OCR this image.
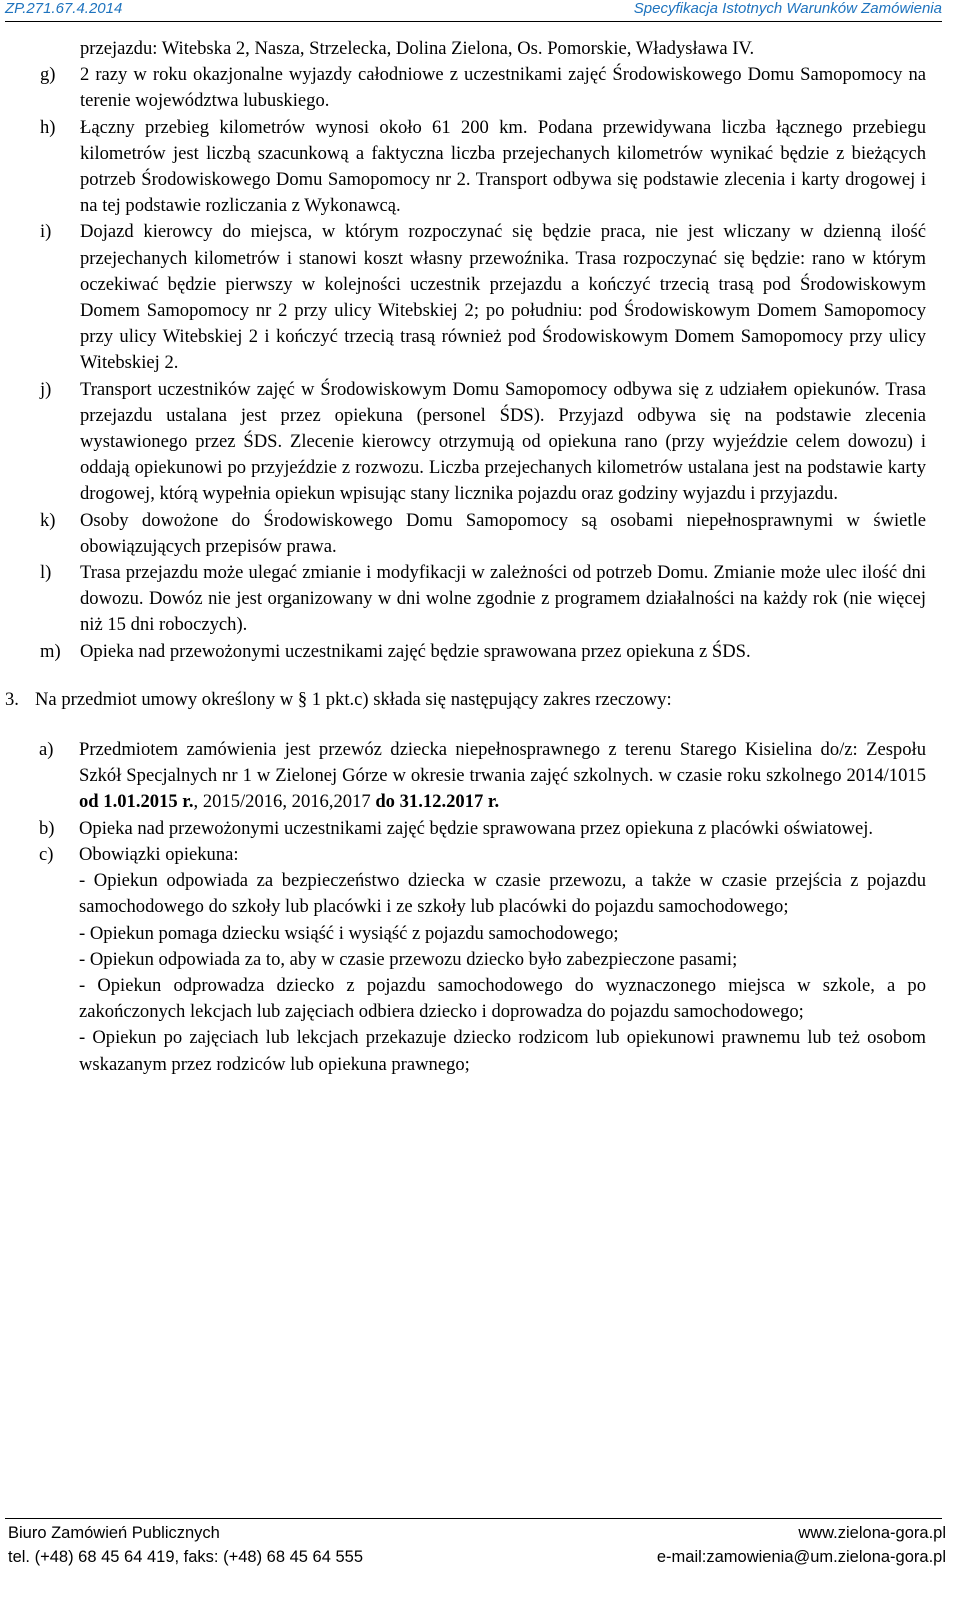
ZP.271.67.4.2014	Specyfikacja Istotnych Warunków Zamówienia
przejazdu: Witebska 2, Nasza, Strzelecka, Dolina Zielona, Os. Pomorskie, Władysława IV.
g) 2 razy w roku okazjonalne wyjazdy całodniowe z uczestnikami zajęć Środowiskowego Domu Samopomocy na terenie województwa lubuskiego.
h) Łączny przebieg kilometrów wynosi około 61 200 km. Podana przewidywana liczba łącznego przebiegu kilometrów jest liczbą szacunkową a faktyczna liczba przejechanych kilometrów wynikać będzie z bieżących potrzeb Środowiskowego Domu Samopomocy nr 2. Transport odbywa się podstawie zlecenia i karty drogowej i na tej podstawie rozliczania z Wykonawcą.
i) Dojazd kierowcy do miejsca, w którym rozpoczynać się będzie praca, nie jest wliczany w dzienną ilość przejechanych kilometrów i stanowi koszt własny przewoźnika. Trasa rozpoczynać się będzie: rano w którym oczekiwać będzie pierwszy w kolejności uczestnik przejazdu a kończyć trzecią trasą pod Środowiskowym Domem Samopomocy nr 2 przy ulicy Witebskiej 2; po południu: pod Środowiskowym Domem Samopomocy przy ulicy Witebskiej 2 i kończyć trzecią trasą również pod Środowiskowym Domem Samopomocy przy ulicy Witebskiej 2.
j) Transport uczestników zajęć w Środowiskowym Domu Samopomocy odbywa się z udziałem opiekunów. Trasa przejazdu ustalana jest przez opiekuna (personel ŚDS). Przyjazd odbywa się na podstawie zlecenia wystawionego przez ŚDS. Zlecenie kierowcy otrzymują od opiekuna rano (przy wyjeździe celem dowozu) i oddają opiekunowi po przyjeździe z rozwozu. Liczba przejechanych kilometrów ustalana jest na podstawie karty drogowej, którą wypełnia opiekun wpisując stany licznika pojazdu oraz godziny wyjazdu i przyjazdu.
k) Osoby dowożone do Środowiskowego Domu Samopomocy są osobami niepełnosprawnymi w świetle obowiązujących przepisów prawa.
l) Trasa przejazdu może ulegać zmianie i modyfikacji w zależności od potrzeb Domu. Zmianie może ulec ilość dni dowozu. Dowóz nie jest organizowany w dni wolne zgodnie z programem działalności na każdy rok (nie więcej niż 15 dni roboczych).
m) Opieka nad przewożonymi uczestnikami zajęć będzie sprawowana przez opiekuna z ŚDS.
3. Na przedmiot umowy określony w § 1 pkt.c) składa się następujący zakres rzeczowy:
a) Przedmiotem zamówienia jest przewóz dziecka niepełnosprawnego z terenu Starego Kisielina do/z: Zespołu Szkół Specjalnych nr 1 w Zielonej Górze w okresie trwania zajęć szkolnych. w czasie roku szkolnego 2014/1015 od 1.01.2015 r., 2015/2016, 2016,2017 do 31.12.2017 r.
b) Opieka nad przewożonymi uczestnikami zajęć będzie sprawowana przez opiekuna z placówki oświatowej.
c) Obowiązki opiekuna:
- Opiekun odpowiada za bezpieczeństwo dziecka w czasie przewozu, a także w czasie przejścia z pojazdu samochodowego do szkoły lub placówki i ze szkoły lub placówki do pojazdu samochodowego;
- Opiekun pomaga dziecku wsiąść i wysiąść z pojazdu samochodowego;
- Opiekun odpowiada za to, aby w czasie przewozu dziecko było zabezpieczone pasami;
- Opiekun odprowadza dziecko z pojazdu samochodowego do wyznaczonego miejsca w szkole, a po zakończonych lekcjach lub zajęciach odbiera dziecko i doprowadza do pojazdu samochodowego;
- Opiekun po zajęciach lub lekcjach przekazuje dziecko rodzicom lub opiekunowi prawnemu lub też osobom wskazanym przez rodziców lub opiekuna prawnego;
Biuro Zamówień Publicznych
tel. (+48) 68 45 64 419, faks: (+48) 68 45 64 555
www.zielona-gora.pl
e-mail:zamowienia@um.zielona-gora.pl
